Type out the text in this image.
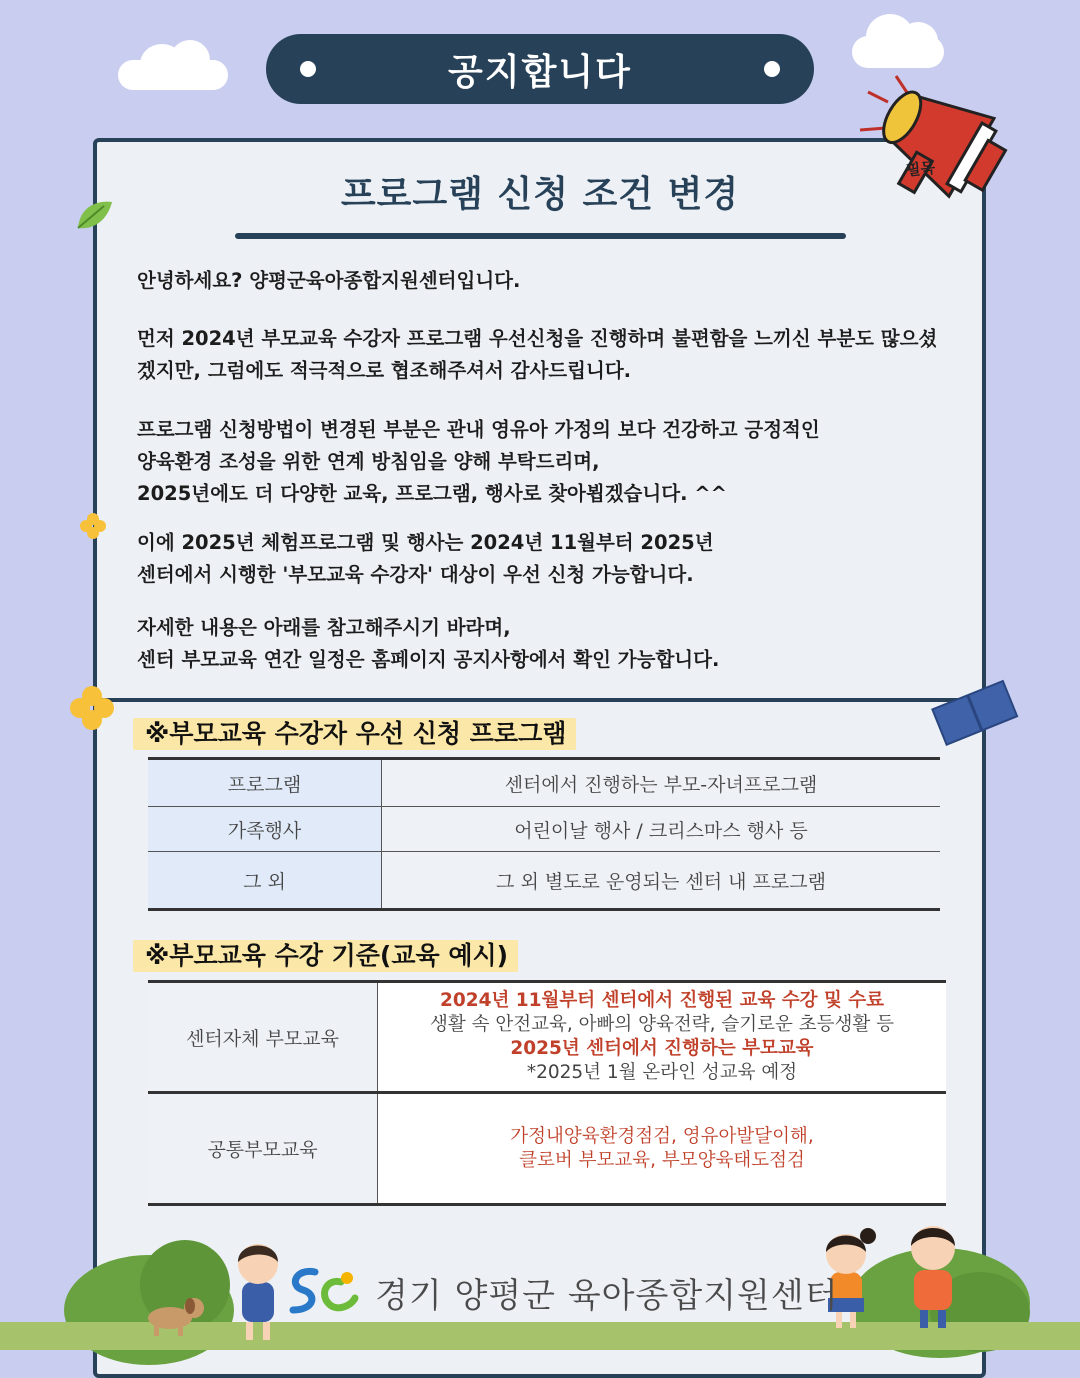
공지합니다
필독
프로그램 신청 조건 변경

안녕하세요? 양평군육아종합지원센터입니다.

먼저 2024년 부모교육 수강자 프로그램 우선신청을 진행하며 불편함을 느끼신 부분도 많으셨겠지만, 그럼에도 적극적으로 협조해주셔서 감사드립니다.

프로그램 신청방법이 변경된 부분은 관내 영유아 가정의 보다 건강하고 긍정적인
양육환경 조성을 위한 연계 방침임을 양해 부탁드리며,
2025년에도 더 다양한 교육, 프로그램, 행사로 찾아뵙겠습니다. ^^
이에 2025년 체험프로그램 및 행사는 2024년 11월부터 2025년
센터에서 시행한 '부모교육 수강자' 대상이 우선 신청 가능합니다.
자세한 내용은 아래를 참고해주시기 바라며,
센터 부모교육 연간 일정은 홈페이지 공지사항에서 확인 가능합니다.
※부모교육 수강자 우선 신청 프로그램
프로그램	센터에서 진행하는 부모-자녀프로그램
가족행사	어린이날 행사 / 크리스마스 행사 등
그 외	그 외 별도로 운영되는 센터 내 프로그램
※부모교육 수강 기준(교육 예시)
센터자체 부모교육	2024년 11월부터 센터에서 진행된 교육 수강 및 수료
생활 속 안전교육, 아빠의 양육전략, 슬기로운 초등생활 등
2025년 센터에서 진행하는 부모교육
*2025년 1월 온라인 성교육 예정

공통부모교육	가정내양육환경점검, 영유아발달이해,
클로버 부모교육, 부모양육태도점검
경기 양평군 육아종합지원센터
